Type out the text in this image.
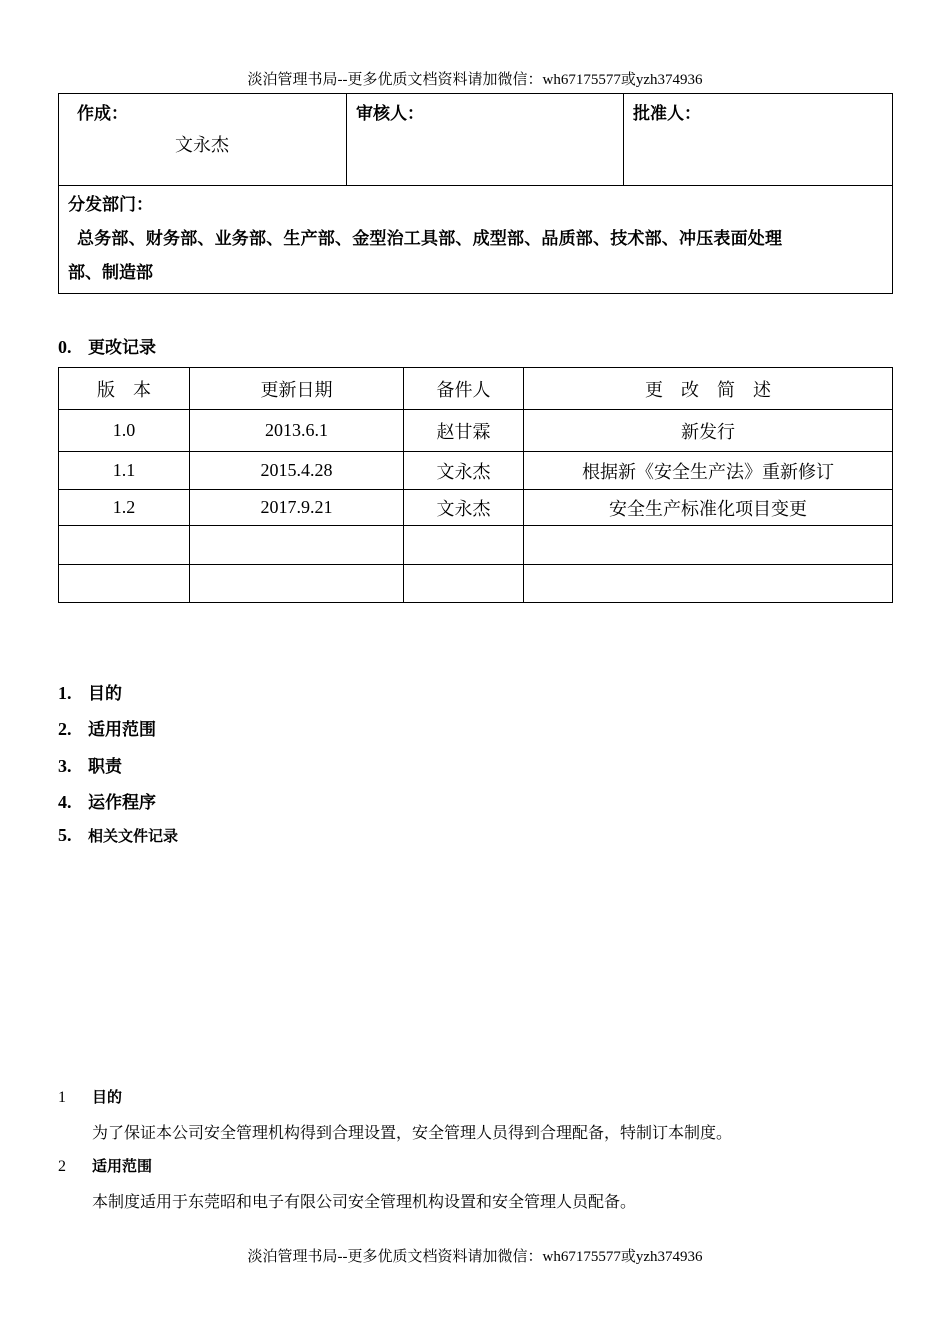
淡泊管理书局--更多优质文档资料请加微信：wh67175577或yzh374936
作成：
文永杰

审核人：	批准人：

分发部门：
总务部、财务部、业务部、生产部、金型治工具部、成型部、品质部、技术部、冲压表面处理
部、制造部
0. 更改记录
版　本	更新日期	备件人	更　改　简　述
1.0	2013.6.1	赵甘霖	新发行
1.1	2015.4.28	文永杰	根据新《安全生产法》重新修订
1.2	2017.9.21	文永杰	安全生产标准化项目变更

1. 目的
2. 适用范围
3. 职责
4. 运作程序
5. 相关文件记录
1 目的
为了保证本公司安全管理机构得到合理设置，安全管理人员得到合理配备，特制订本制度。
2 适用范围
本制度适用于东莞昭和电子有限公司安全管理机构设置和安全管理人员配备。
淡泊管理书局--更多优质文档资料请加微信：wh67175577或yzh374936
